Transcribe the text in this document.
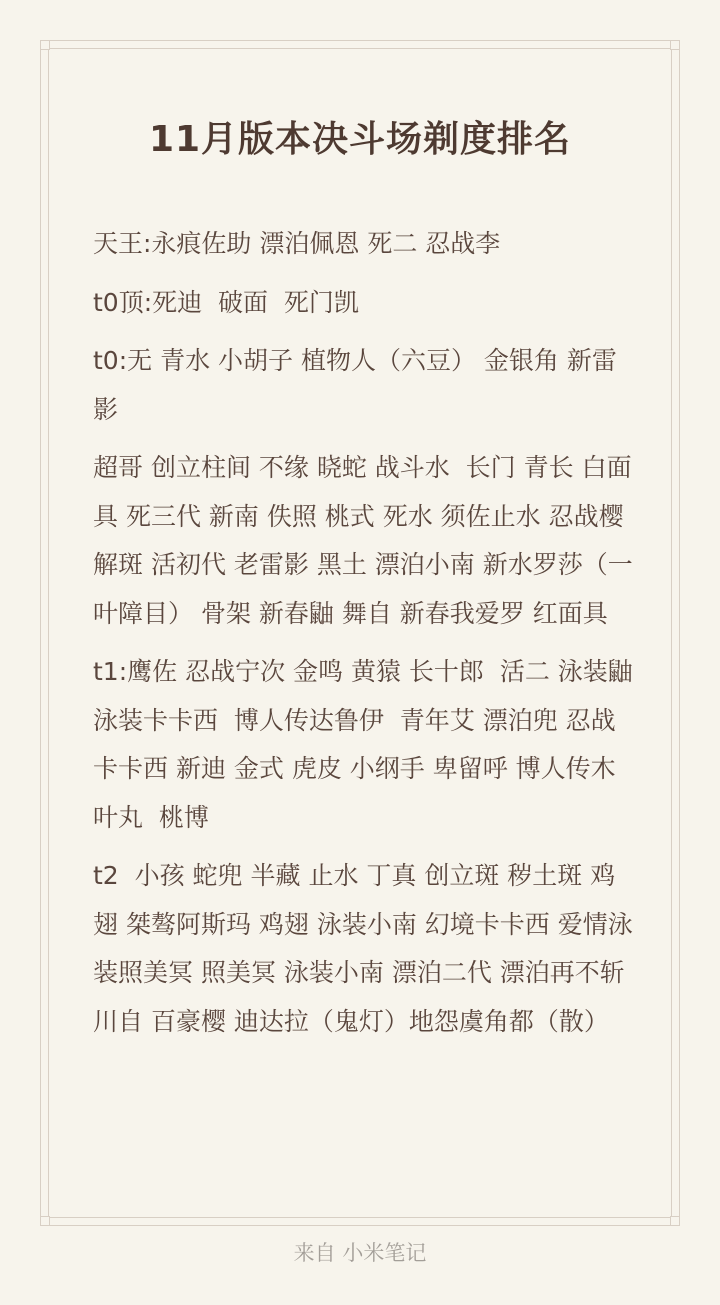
11月版本决斗场剃度排名

天王:永痕佐助 漂泊佩恩 死二 忍战李

t0顶:死迪  破面  死门凯

t0:无 青水 小胡子 植物人（六豆） 金银角 新雷影

超哥 创立柱间 不缘 晓蛇 战斗水  长门 青长 白面具 死三代 新南 佚照 桃式 死水 须佐止水 忍战樱 解斑 活初代 老雷影 黑土 漂泊小南 新水罗莎（一叶障目） 骨架 新春鼬 舞自 新春我爱罗 红面具

t1:鹰佐 忍战宁次 金鸣 黄猿 长十郎  活二 泳装鼬 泳装卡卡西  博人传达鲁伊  青年艾 漂泊兜 忍战卡卡西 新迪 金式 虎皮 小纲手 卑留呼 博人传木叶丸  桃博

t2  小孩 蛇兜 半藏 止水 丁真 创立斑 秽土斑 鸡翅 桀骜阿斯玛 鸡翅 泳装小南 幻境卡卡西 爱情泳装照美冥 照美冥 泳装小南 漂泊二代 漂泊再不斩 川自 百豪樱 迪达拉（鬼灯）地怨虞角都（散）

来自 小米笔记
